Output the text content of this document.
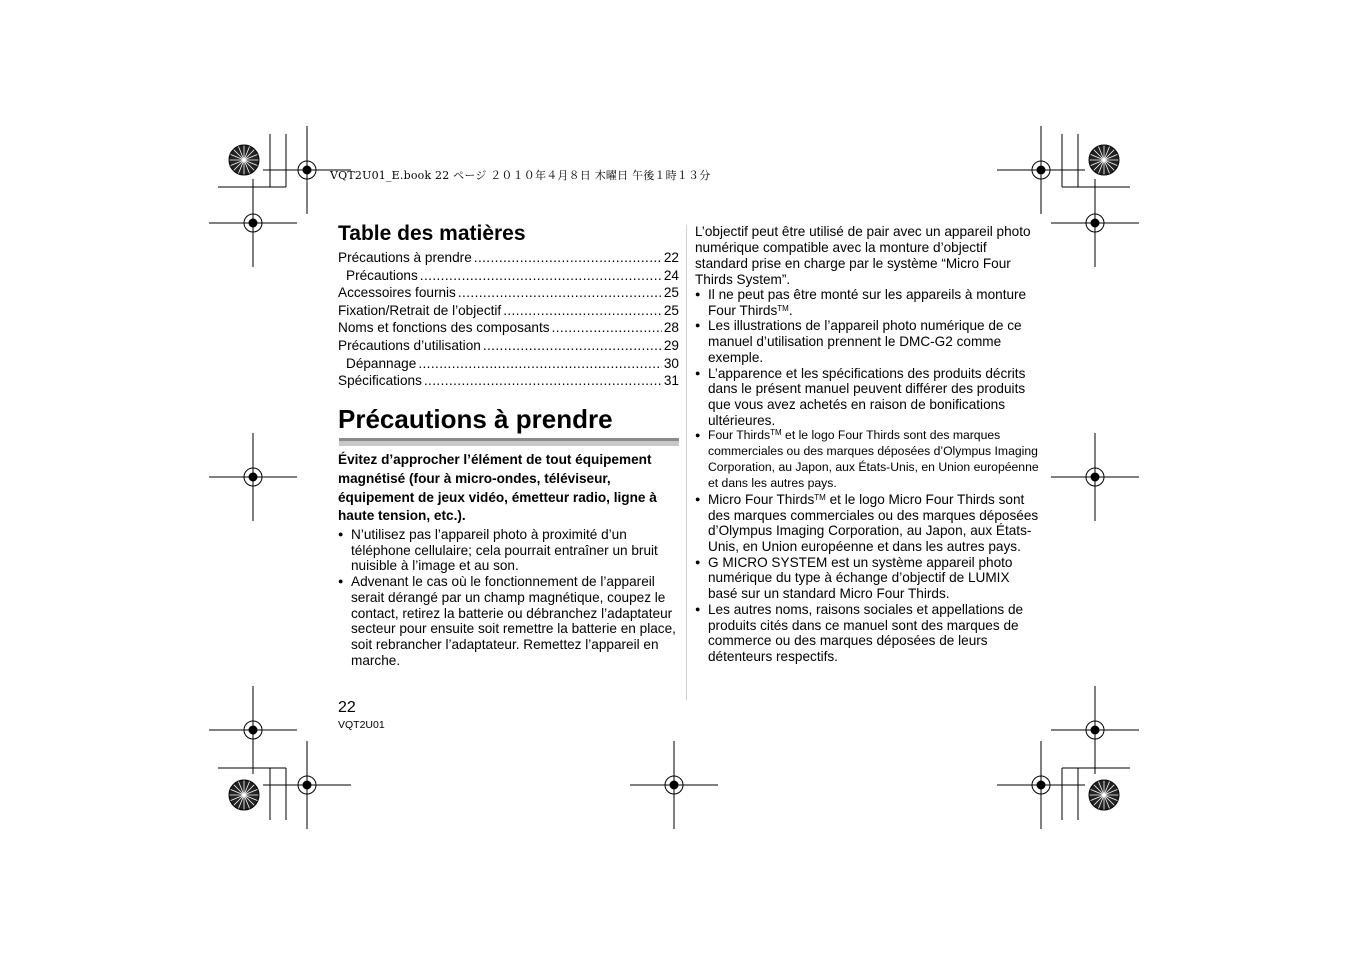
VQT2U01_E.book 22 ページ ２０１０年４月８日 木曜日 午後１時１３分
Table des matières
Précautions à prendre .....	22
Précautions .....	24
Accessoires fournis .....	25
Fixation/Retrait de l’objectif .....	25
Noms et fonctions des composants .....	28
Précautions d’utilisation .....	29
Dépannage .....	30
Spécifications .....	31
Précautions à prendre
Évitez d’approcher l’élément de tout équipement magnétisé (four à micro-ondes, téléviseur, équipement de jeux vidéo, émetteur radio, ligne à haute tension, etc.).
● N’utilisez pas l’appareil photo à proximité d’un téléphone cellulaire; cela pourrait entraîner un bruit nuisible à l’image et au son.
● Advenant le cas où le fonctionnement de l’appareil serait dérangé par un champ magnétique, coupez le contact, retirez la batterie ou débranchez l’adaptateur secteur pour ensuite soit remettre la batterie en place, soit rebrancher l’adaptateur. Remettez l’appareil en marche.
22
VQT2U01
L’objectif peut être utilisé de pair avec un appareil photo numérique compatible avec la monture d’objectif standard prise en charge par le système “Micro Four Thirds System”.
● Il ne peut pas être monté sur les appareils à monture Four Thirds™.
● Les illustrations de l’appareil photo numérique de ce manuel d’utilisation prennent le DMC-G2 comme exemple.
● L’apparence et les spécifications des produits décrits dans le présent manuel peuvent différer des produits que vous avez achetés en raison de bonifications ultérieures.
● Four Thirds™ et le logo Four Thirds sont des marques commerciales ou des marques déposées d’Olympus Imaging Corporation, au Japon, aux États-Unis, en Union européenne et dans les autres pays.
● Micro Four Thirds™ et le logo Micro Four Thirds sont des marques commerciales ou des marques déposées d’Olympus Imaging Corporation, au Japon, aux États-Unis, en Union européenne et dans les autres pays.
● G MICRO SYSTEM est un système appareil photo numérique du type à échange d’objectif de LUMIX basé sur un standard Micro Four Thirds.
● Les autres noms, raisons sociales et appellations de produits cités dans ce manuel sont des marques de commerce ou des marques déposées de leurs détenteurs respectifs.
